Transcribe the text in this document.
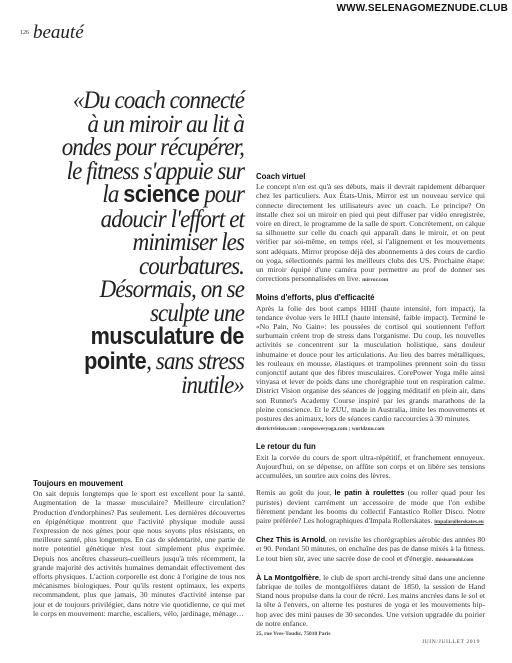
WWW.SELENAGOMEZNUDE.CLUB
126 beauté
«Du coach connecté à un miroir au lit à ondes pour récupérer, le fitness s'appuie sur la science pour adoucir l'effort et minimiser les courbatures. Désormais, on se sculpte une musculature de pointe, sans stress inutile»
Coach virtuel

Le concept n'en est qu'à ses débuts, mais il devrait rapidement débarquer chez les particuliers. Aux États-Unis, Mirror est un nouveau service qui connecte directement les utilisateurs avec un coach. Le principe? On installe chez soi un miroir en pied qui peut diffuser par vidéo enregistrée, voire en direct, le programme de la salle de sport. Concrètement, on calque sa silhouette sur celle du coach qui apparaît dans le miroir, et on peut vérifier par soi-même, en temps réel, si l'alignement et les mouvements sont adéquats. Mirror propose déjà des abonnements à des cours de cardio ou yoga, sélectionnés parmi les meilleurs clubs des US. Prochaine étape: un miroir équipé d'une caméra pour permettre au prof de donner ses corrections personnalisées en live. mirror.com

Moins d'efforts, plus d'efficacité

Après la folie des boot camps HIHI (haute intensité, fort impact), la tendance évolue vers le HILI (haute intensité, faible impact). Terminé le «No Pain, No Gain»: les poussées de cortisol qui soutiennent l'effort surhumain créent trop de stress dans l'organisme. Du coup, les nouvelles activités se concentrent sur la musculation holistique, sans douleur inhumaine et douce pour les articulations. Au lieu des barres métalliques, les rouleaux en mousse, élastiques et trampolines prennent soin du tissu conjonctif autant que des fibres musculaires. CorePower Yoga mêle ainsi vinyasa et lever de poids dans une chorégraphie tout en respiration calme. District Vision organise des séances de jogging méditatif en plein air, dans son Runner's Academy Course inspiré par les grands marathons de la pleine conscience. Et le ZUU, made in Australia, imite les mouvements et postures des animaux, lors de séances cardio raccourcies à 30 minutes.
districtvision.com ; corepoweryoga.com ; worldzuu.com

Le retour du fun

Exit la corvée du cours de sport ultra-répétitif, et franchement ennuyeux. Aujourd'hui, on se dépense, on affûte son corps et on libère ses tensions accumulées, un sourire aux coins des lèvres.

Remis au goût du jour, le patin à roulettes (ou roller quad pour les puristes) devient carrément un accessoire de mode que l'on exhibe fièrement pendant les booms du collectif Fantastico Roller Disco. Notre paire préférée? Les holographiques d'Impala Rollerskates. impalarollerskates.eu

Chez This is Arnold, on revisite les chorégraphies aérobic des années 80 et 90. Pendant 50 minutes, on enchaîne des pas de danse mixés à la fitness. Le tout bien sûr, avec une sacrée dose de cool et d'énergie. thisisarnold.com

À La Montgolfière, le club de sport archi-trendy situé dans une ancienne fabrique de toiles de montgolfières datant de 1850, la session de Hand Stand nous propulse dans la cour de récré. Les mains ancrées dans le sol et la tête à l'envers, on alterne les postures de yoga et les mouvements hip-hop avec des mini pauses de 30 secondes. Une version upgradée du poirier de notre enfance.
25, rue Yves-Toudic, 75010 Paris

Toujours en mouvement

On sait depuis longtemps que le sport est excellent pour la santé. Augmentation de la masse musculaire? Meilleure circulation? Production d'endorphines? Pas seulement. Les dernières découvertes en épigénétique montrent que l'activité physique module aussi l'expression de nos gènes pour que nous soyons plus résistants, en meilleure santé, plus longtemps. En cas de sédentarité, une partie de notre potentiel génétique n'est tout simplement plus exprimée. Depuis nos ancêtres chasseurs-cueilleurs jusqu'à très récemment, la grande majorité des activités humaines demandait effectivement des efforts physiques. L'action corporelle est donc à l'origine de tous nos mécanismes biologiques. Pour qu'ils restent optimaux, les experts recommandent, plus que jamais, 30 minutes d'activité intense par jour et de toujours privilégier, dans notre vie quotidienne, ce qui met le corps en mouvement: marche, escaliers, vélo, jardinage, ménage…

JUIN/JUILLET 2019
